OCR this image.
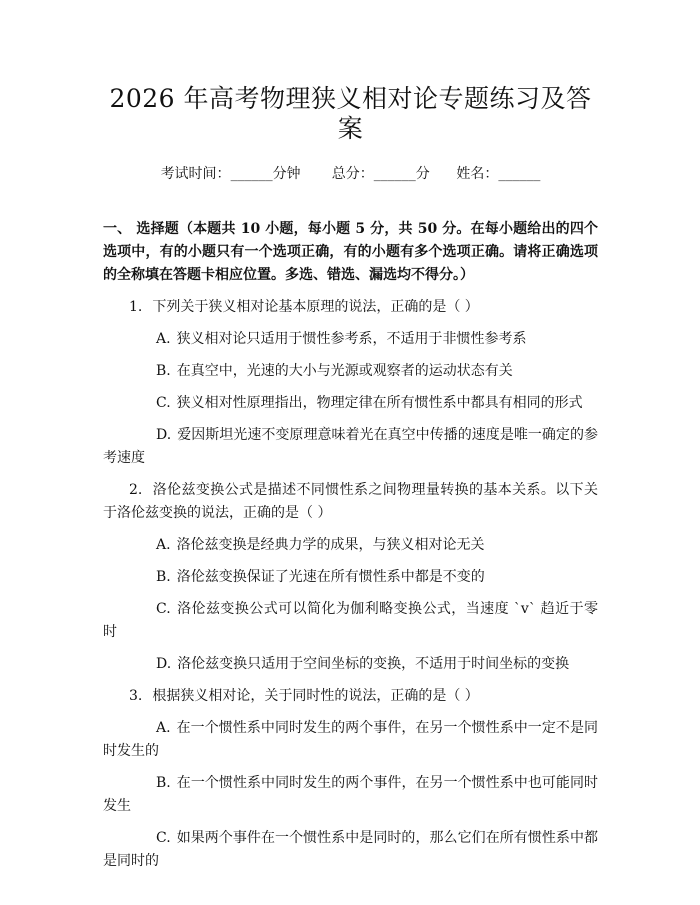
2026 年高考物理狭义相对论专题练习及答案
考试时间：______分钟 总分：______分 姓名：______
一、 选择题（本题共 10 小题，每小题 5 分，共 50 分。在每小题给出的四个选项中，有的小题只有一个选项正确，有的小题有多个选项正确。请将正确选项的全称填在答题卡相应位置。多选、错选、漏选均不得分。）
1. 下列关于狭义相对论基本原理的说法，正确的是（ ）
A. 狭义相对论只适用于惯性参考系，不适用于非惯性参考系
B. 在真空中，光速的大小与光源或观察者的运动状态有关
C. 狭义相对性原理指出，物理定律在所有惯性系中都具有相同的形式
D. 爱因斯坦光速不变原理意味着光在真空中传播的速度是唯一确定的参考速度
2. 洛伦兹变换公式是描述不同惯性系之间物理量转换的基本关系。以下关于洛伦兹变换的说法，正确的是（ ）
A. 洛伦兹变换是经典力学的成果，与狭义相对论无关
B. 洛伦兹变换保证了光速在所有惯性系中都是不变的
C. 洛伦兹变换公式可以简化为伽利略变换公式，当速度 `v` 趋近于零时
D. 洛伦兹变换只适用于空间坐标的变换，不适用于时间坐标的变换
3. 根据狭义相对论，关于同时性的说法，正确的是（ ）
A. 在一个惯性系中同时发生的两个事件，在另一个惯性系中一定不是同时发生的
B. 在一个惯性系中同时发生的两个事件，在另一个惯性系中也可能同时发生
C. 如果两个事件在一个惯性系中是同时的，那么它们在所有惯性系中都是同时的
